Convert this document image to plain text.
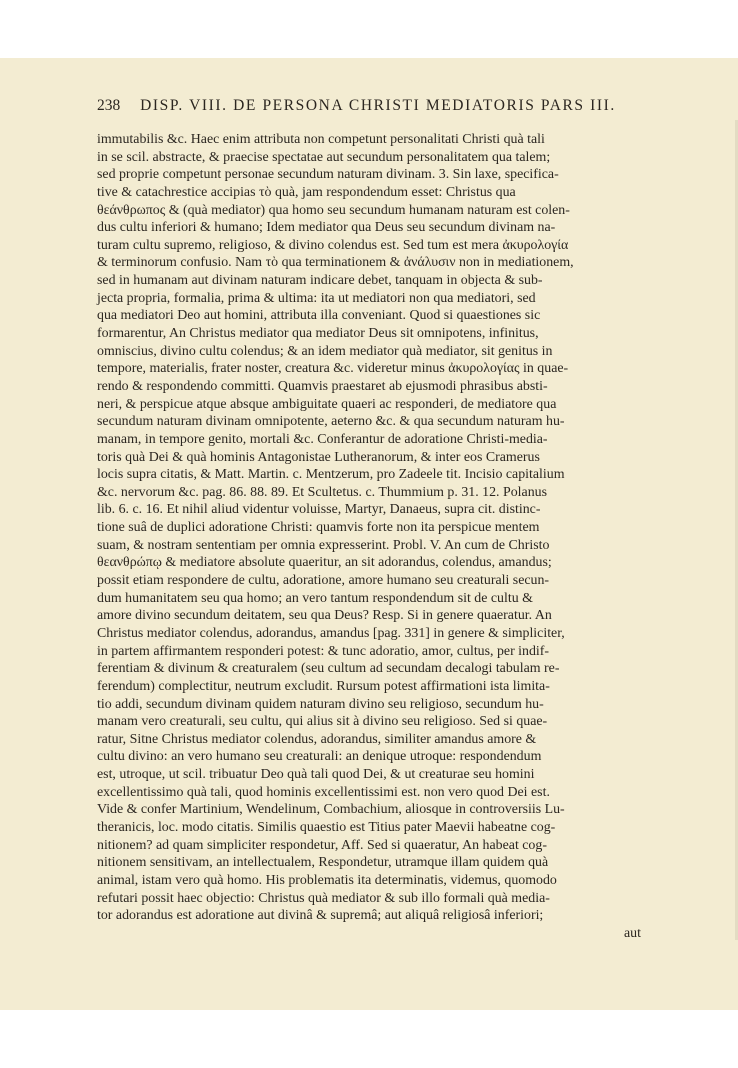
238 DISP. VIII. DE PERSONA CHRISTI MEDIATORIS PARS III.
immutabilis &c. Haec enim attributa non competunt personalitati Christi quà tali
in se scil. abstracte, & praecise spectatae aut secundum personalitatem qua talem;
sed proprie competunt personae secundum naturam divinam. 3. Sin laxe, specifica-
tive & catachrestice accipias τὸ quà, jam respondendum esset: Christus qua
θεάνθρωπος & (quà mediator) qua homo seu secundum humanam naturam est colen-
dus cultu inferiori & humano; Idem mediator qua Deus seu secundum divinam na-
turam cultu supremo, religioso, & divino colendus est. Sed tum est mera ἀκυρολογία
& terminorum confusio. Nam τὸ qua terminationem & ἀνάλυσιν non in mediationem,
sed in humanam aut divinam naturam indicare debet, tanquam in objecta & sub-
jecta propria, formalia, prima & ultima: ita ut mediatori non qua mediatori, sed
qua mediatori Deo aut homini, attributa illa conveniant. Quod si quaestiones sic
formarentur, An Christus mediator qua mediator Deus sit omnipotens, infinitus,
omniscius, divino cultu colendus; & an idem mediator quà mediator, sit genitus in
tempore, materialis, frater noster, creatura &c. videretur minus ἀκυρολογίας in quae-
rendo & respondendo committi. Quamvis praestaret ab ejusmodi phrasibus absti-
neri, & perspicue atque absque ambiguitate quaeri ac responderi, de mediatore qua
secundum naturam divinam omnipotente, aeterno &c. & qua secundum naturam hu-
manam, in tempore genito, mortali &c. Conferantur de adoratione Christi-media-
toris quà Dei & quà hominis Antagonistae Lutheranorum, & inter eos Cramerus
locis supra citatis, & Matt. Martin. c. Mentzerum, pro Zadeele tit. Incisio capitalium
&c. nervorum &c. pag. 86. 88. 89. Et Scultetus. c. Thummium p. 31. 12. Polanus
lib. 6. c. 16. Et nihil aliud videntur voluisse, Martyr, Danaeus, supra cit. distinc-
tione suâ de duplici adoratione Christi: quamvis forte non ita perspicue mentem
suam, & nostram sententiam per omnia expresserint. Probl. V. An cum de Christo
θεανθρώπῳ & mediatore absolute quaeritur, an sit adorandus, colendus, amandus;
possit etiam respondere de cultu, adoratione, amore humano seu creaturali secun-
dum humanitatem seu qua homo; an vero tantum respondendum sit de cultu &
amore divino secundum deitatem, seu qua Deus? Resp. Si in genere quaeratur. An
Christus mediator colendus, adorandus, amandus [pag. 331] in genere & simpliciter,
in partem affirmantem responderi potest: & tunc adoratio, amor, cultus, per indif-
ferentiam & divinum & creaturalem (seu cultum ad secundam decalogi tabulam re-
ferendum) complectitur, neutrum excludit. Rursum potest affirmationi ista limita-
tio addi, secundum divinam quidem naturam divino seu religioso, secundum hu-
manam vero creaturali, seu cultu, qui alius sit à divino seu religioso. Sed si quae-
ratur, Sitne Christus mediator colendus, adorandus, similiter amandus amore &
cultu divino: an vero humano seu creaturali: an denique utroque: respondendum
est, utroque, ut scil. tribuatur Deo quà tali quod Dei, & ut creaturae seu homini
excellentissimo quà tali, quod hominis excellentissimi est. non vero quod Dei est.
Vide & confer Martinium, Wendelinum, Combachium, aliosque in controversiis Lu-
theranicis, loc. modo citatis. Similis quaestio est Titius pater Maevii habeatne cog-
nitionem? ad quam simpliciter respondetur, Aff. Sed si quaeratur, An habeat cog-
nitionem sensitivam, an intellectualem, Respondetur, utramque illam quidem quà
animal, istam vero quà homo. His problematis ita determinatis, videmus, quomodo
refutari possit haec objectio: Christus quà mediator & sub illo formali quà media-
tor adorandus est adoratione aut divinâ & supremâ; aut aliquâ religiosâ inferiori;
aut
